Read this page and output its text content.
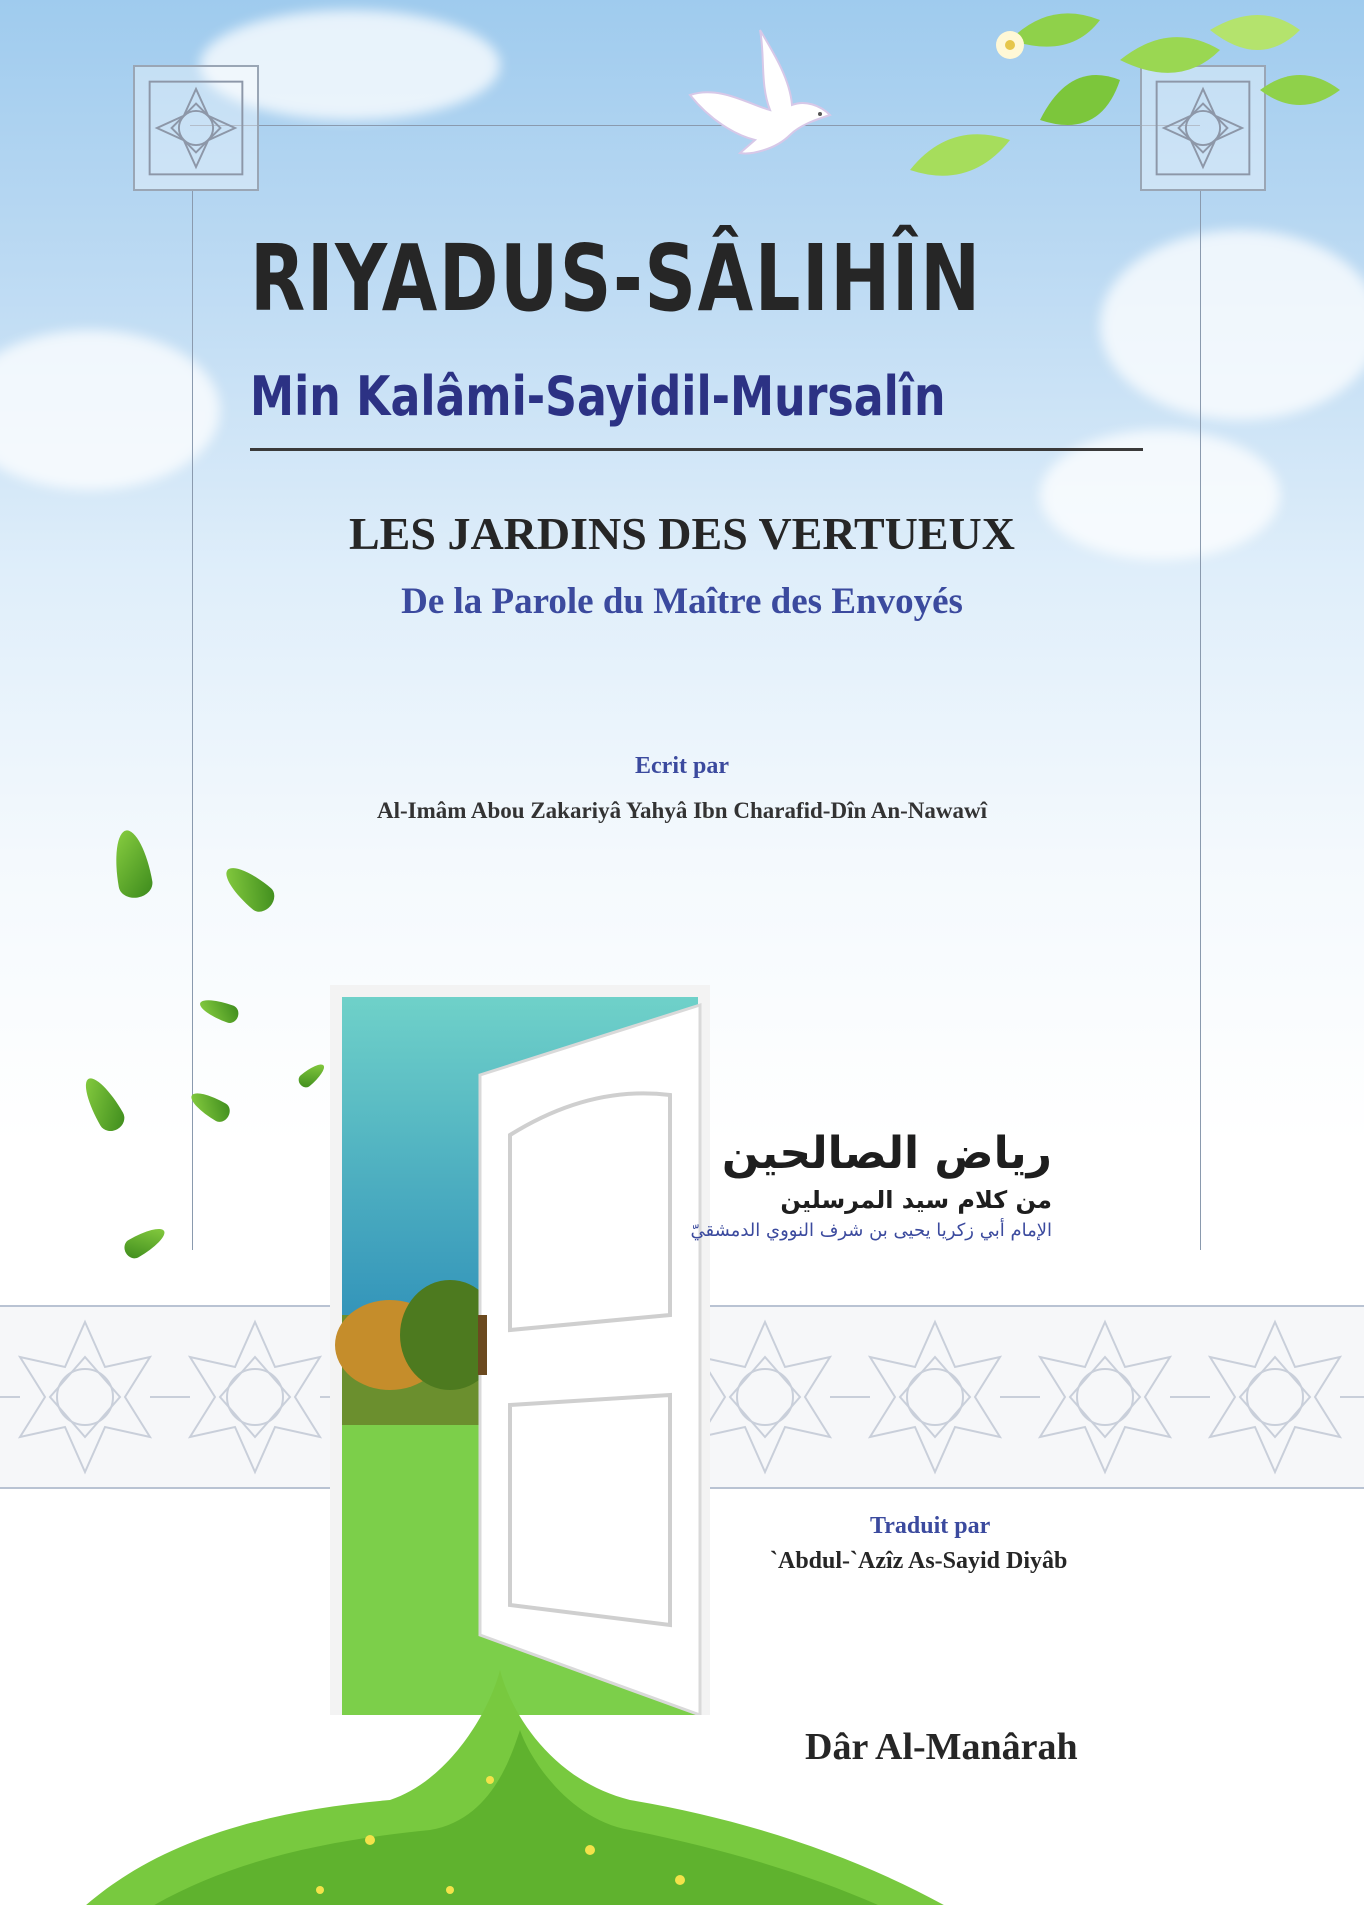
RIYADUS-SÂLIHÎN
Min Kalâmi-Sayidil-Mursalîn
LES JARDINS DES VERTUEUX
De la Parole du Maître des Envoyés
Ecrit par
Al-Imâm Abou Zakariyâ Yahyâ Ibn Charafid-Dîn An-Nawawî
رياض الصالحين
من كلام سيد المرسلين
الإمام أبي زكريا يحيى بن شرف النووي الدمشقيّ
Traduit par
`Abdul-`Azîz As-Sayid Diyâb
Dâr Al-Manârah
